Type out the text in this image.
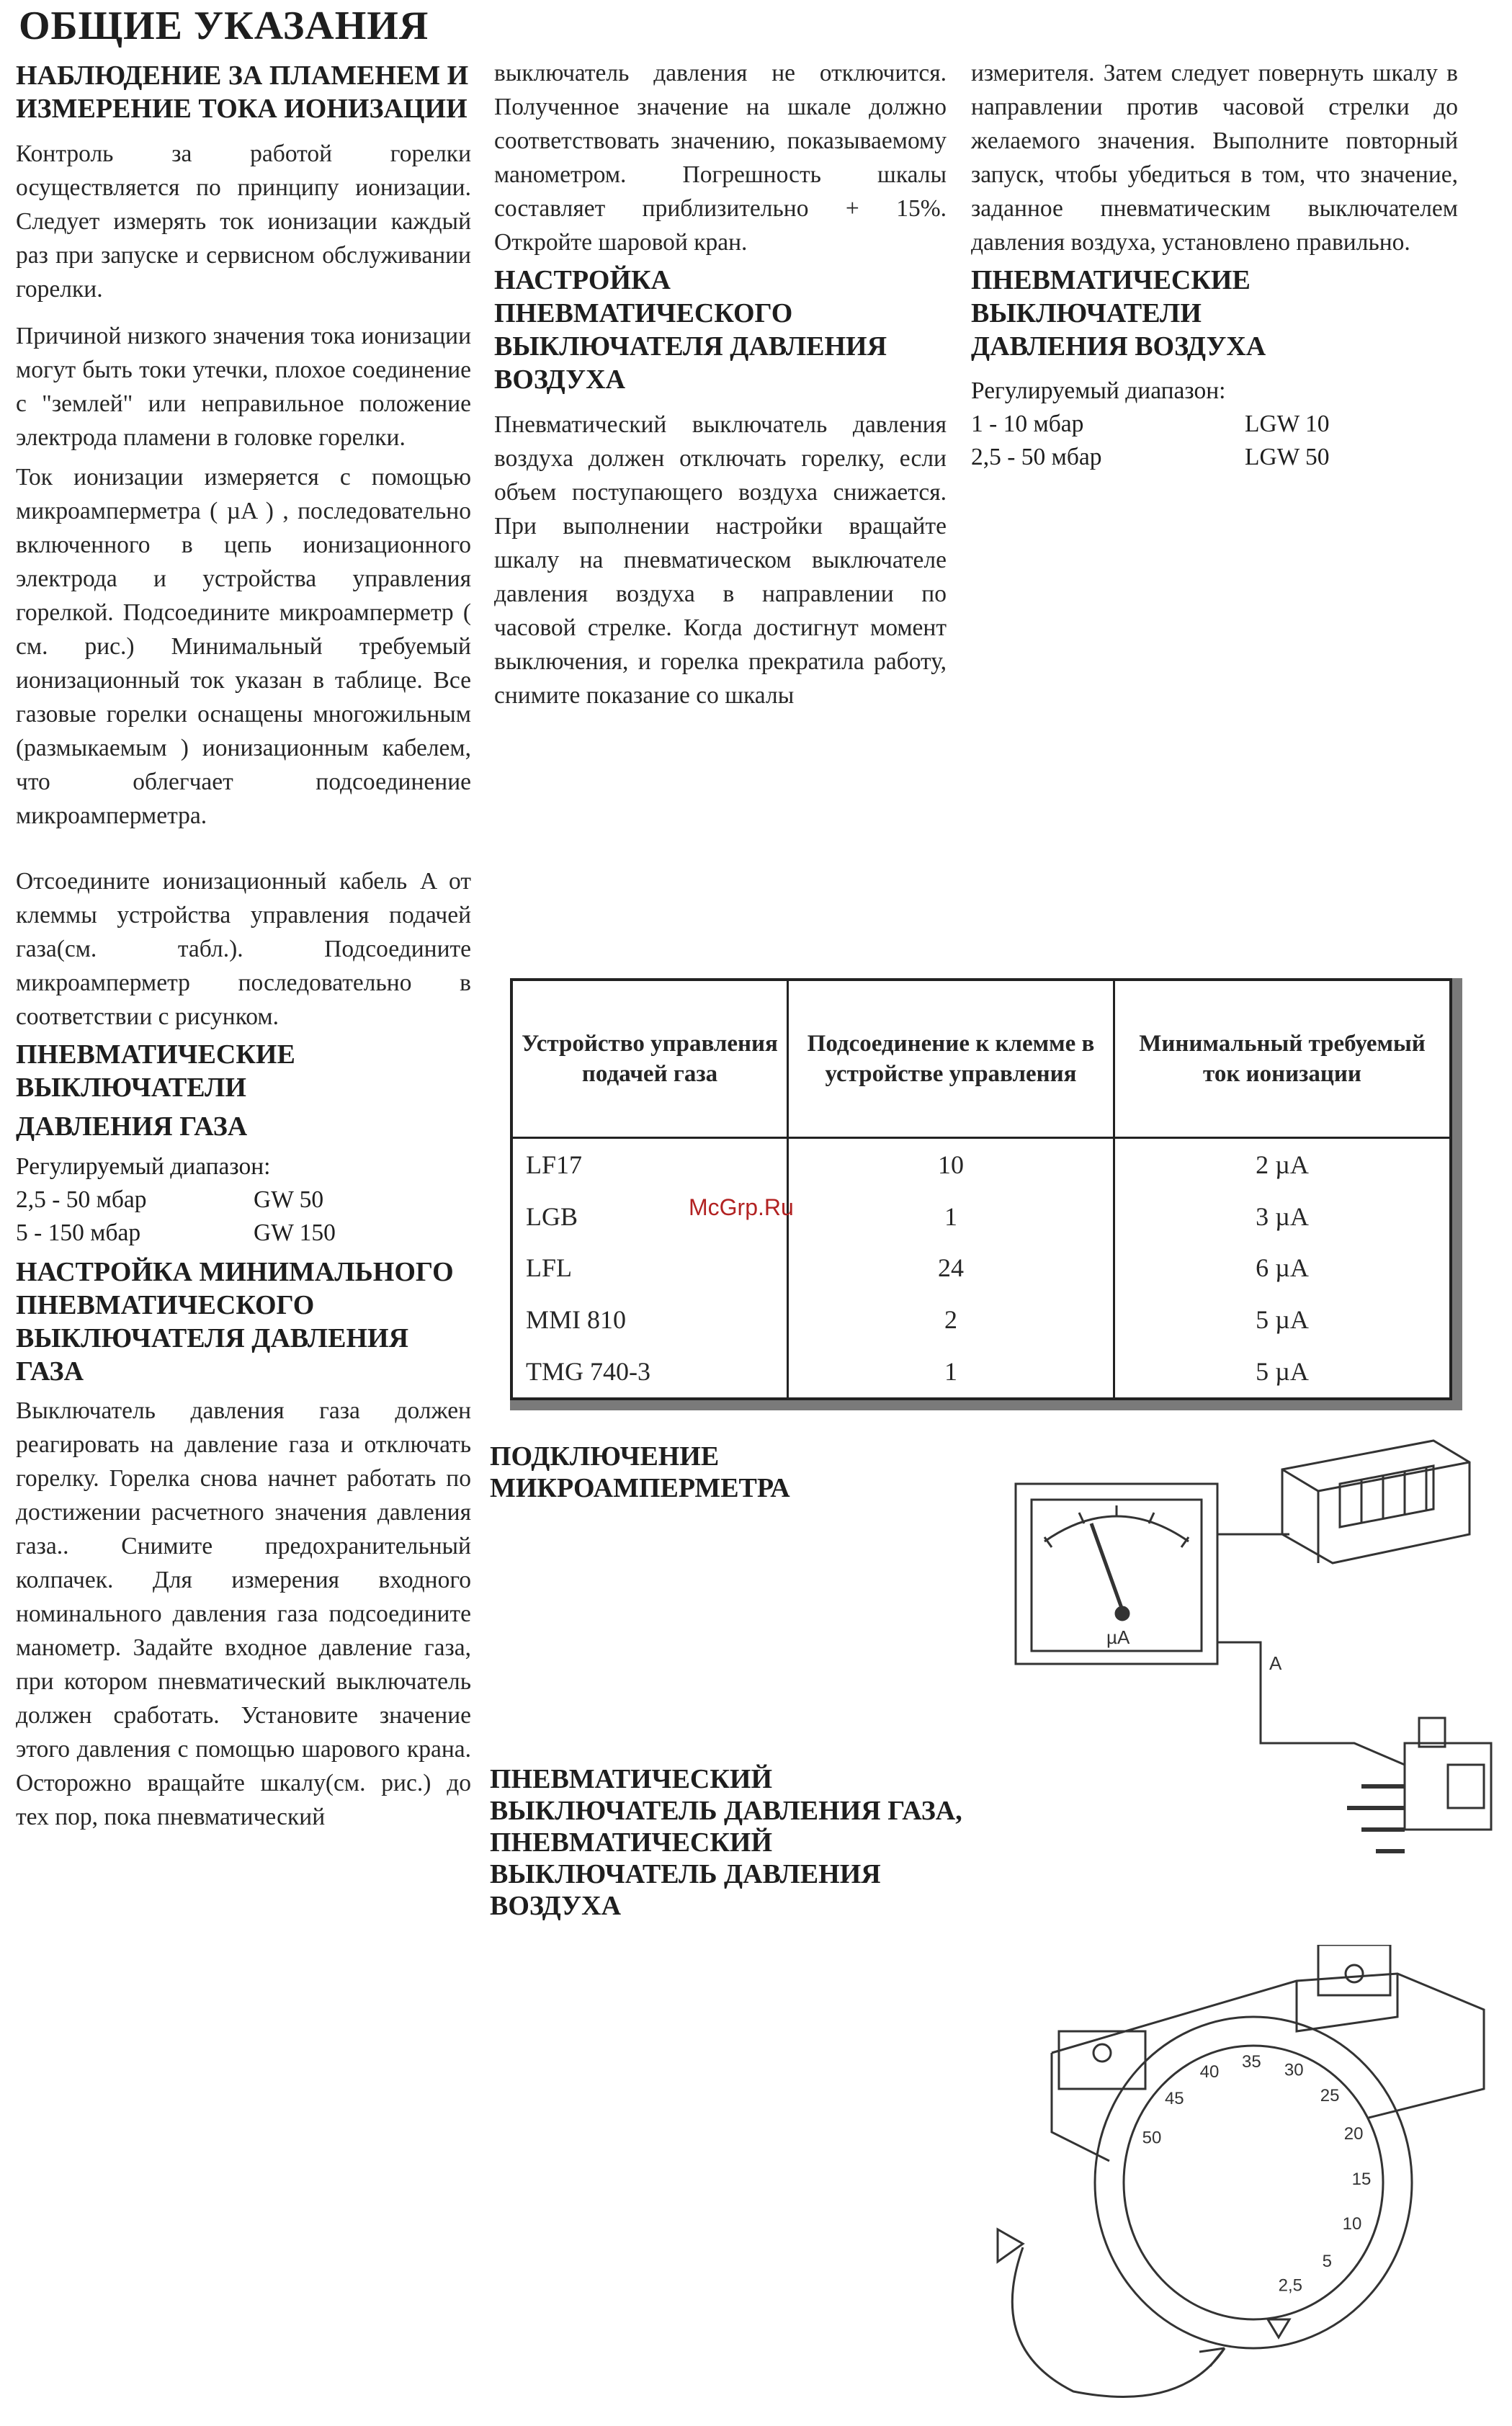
ОБЩИЕ УКАЗАНИЯ
НАБЛЮДЕНИЕ ЗА ПЛАМЕНЕМ И ИЗМЕРЕНИЕ ТОКА ИОНИЗАЦИИ

Контроль за работой горелки осуществляется по принципу ионизации. Следует измерять ток ионизации каждый раз при запуске и сервисном обслуживании горелки.

Причиной низкого значения тока ионизации могут быть токи утечки, плохое соединение с "землей" или неправильное положение электрода пламени в головке горелки.

Ток ионизации измеряется с помощью микроамперметра ( µA ) , последовательно включенного в цепь ионизационного электрода и устройства управления горелкой. Подсоедините микроамперметр ( см. рис.) Минимальный требуемый ионизационный ток указан в таблице. Все газовые горелки оснащены многожильным (размыкаемым ) ионизационным кабелем, что облегчает подсоединение микроамперметра.

Отсоедините ионизационный кабель A от клеммы устройства управления подачей газа(см. табл.). Подсоедините микроамперметр последовательно в соответствии с рисунком.

ПНЕВМАТИЧЕСКИЕ ВЫКЛЮЧАТЕЛИ
ДАВЛЕНИЯ ГАЗА
Регулируемый диапазон:
2,5 - 50 мбар	GW 50
5 - 150 мбар	GW 150
НАСТРОЙКА МИНИМАЛЬНОГО ПНЕВМАТИЧЕСКОГО ВЫКЛЮЧАТЕЛЯ ДАВЛЕНИЯ ГАЗА

Выключатель давления газа должен реагировать на давление газа и отключать горелку. Горелка снова начнет работать по достижении расчетного значения давления газа.. Снимите предохранительный колпачек. Для измерения входного номинального давления газа подсоедините манометр. Задайте входное давление газа, при котором пневматический выключатель должен сработать. Установите значение этого давления с помощью шарового крана. Осторожно вращайте шкалу(см. рис.) до тех пор, пока пневматический

выключатель давления не отключится. Полученное значение на шкале должно соответствовать значению, показываемому манометром. Погрешность шкалы составляет приблизительно + 15%. Откройте шаровой кран.

НАСТРОЙКА ПНЕВМАТИЧЕСКОГО ВЫКЛЮЧАТЕЛЯ ДАВЛЕНИЯ ВОЗДУХА

Пневматический выключатель давления воздуха должен отключать горелку, если объем поступающего воздуха снижается. При выполнении настройки вращайте шкалу на пневматическом выключателе давления воздуха в направлении по часовой стрелке. Когда достигнут момент выключения, и горелка прекратила работу, снимите показание со шкалы

измерителя. Затем следует повернуть шкалу в направлении против часовой стрелки до желаемого значения. Выполните повторный запуск, чтобы убедиться в том, что значение, заданное пневматическим выключателем давления воздуха, установлено правильно.

ПНЕВМАТИЧЕСКИЕ ВЫКЛЮЧАТЕЛИ ДАВЛЕНИЯ ВОЗДУХА
Регулируемый диапазон:
1 - 10 мбар	LGW 10
2,5 - 50 мбар	LGW 50
Устройство управления подачей газа	Подсоединение к клемме в устройстве управления	Минимальный требуемый ток ионизации
LF17	10	2 µA
LGB	1	3 µA
LFL	24	6 µA
MMI 810	2	5 µA
TMG 740-3	1	5 µA
McGrp.Ru
ПОДКЛЮЧЕНИЕ МИКРОАМПЕРМЕТРА
µA
A
ПНЕВМАТИЧЕСКИЙ ВЫКЛЮЧАТЕЛЬ ДАВЛЕНИЯ ГАЗА, ПНЕВМАТИЧЕСКИЙ ВЫКЛЮЧАТЕЛЬ ДАВЛЕНИЯ ВОЗДУХА
50
45
40
35 30
25
20
15
10
5
2,5
